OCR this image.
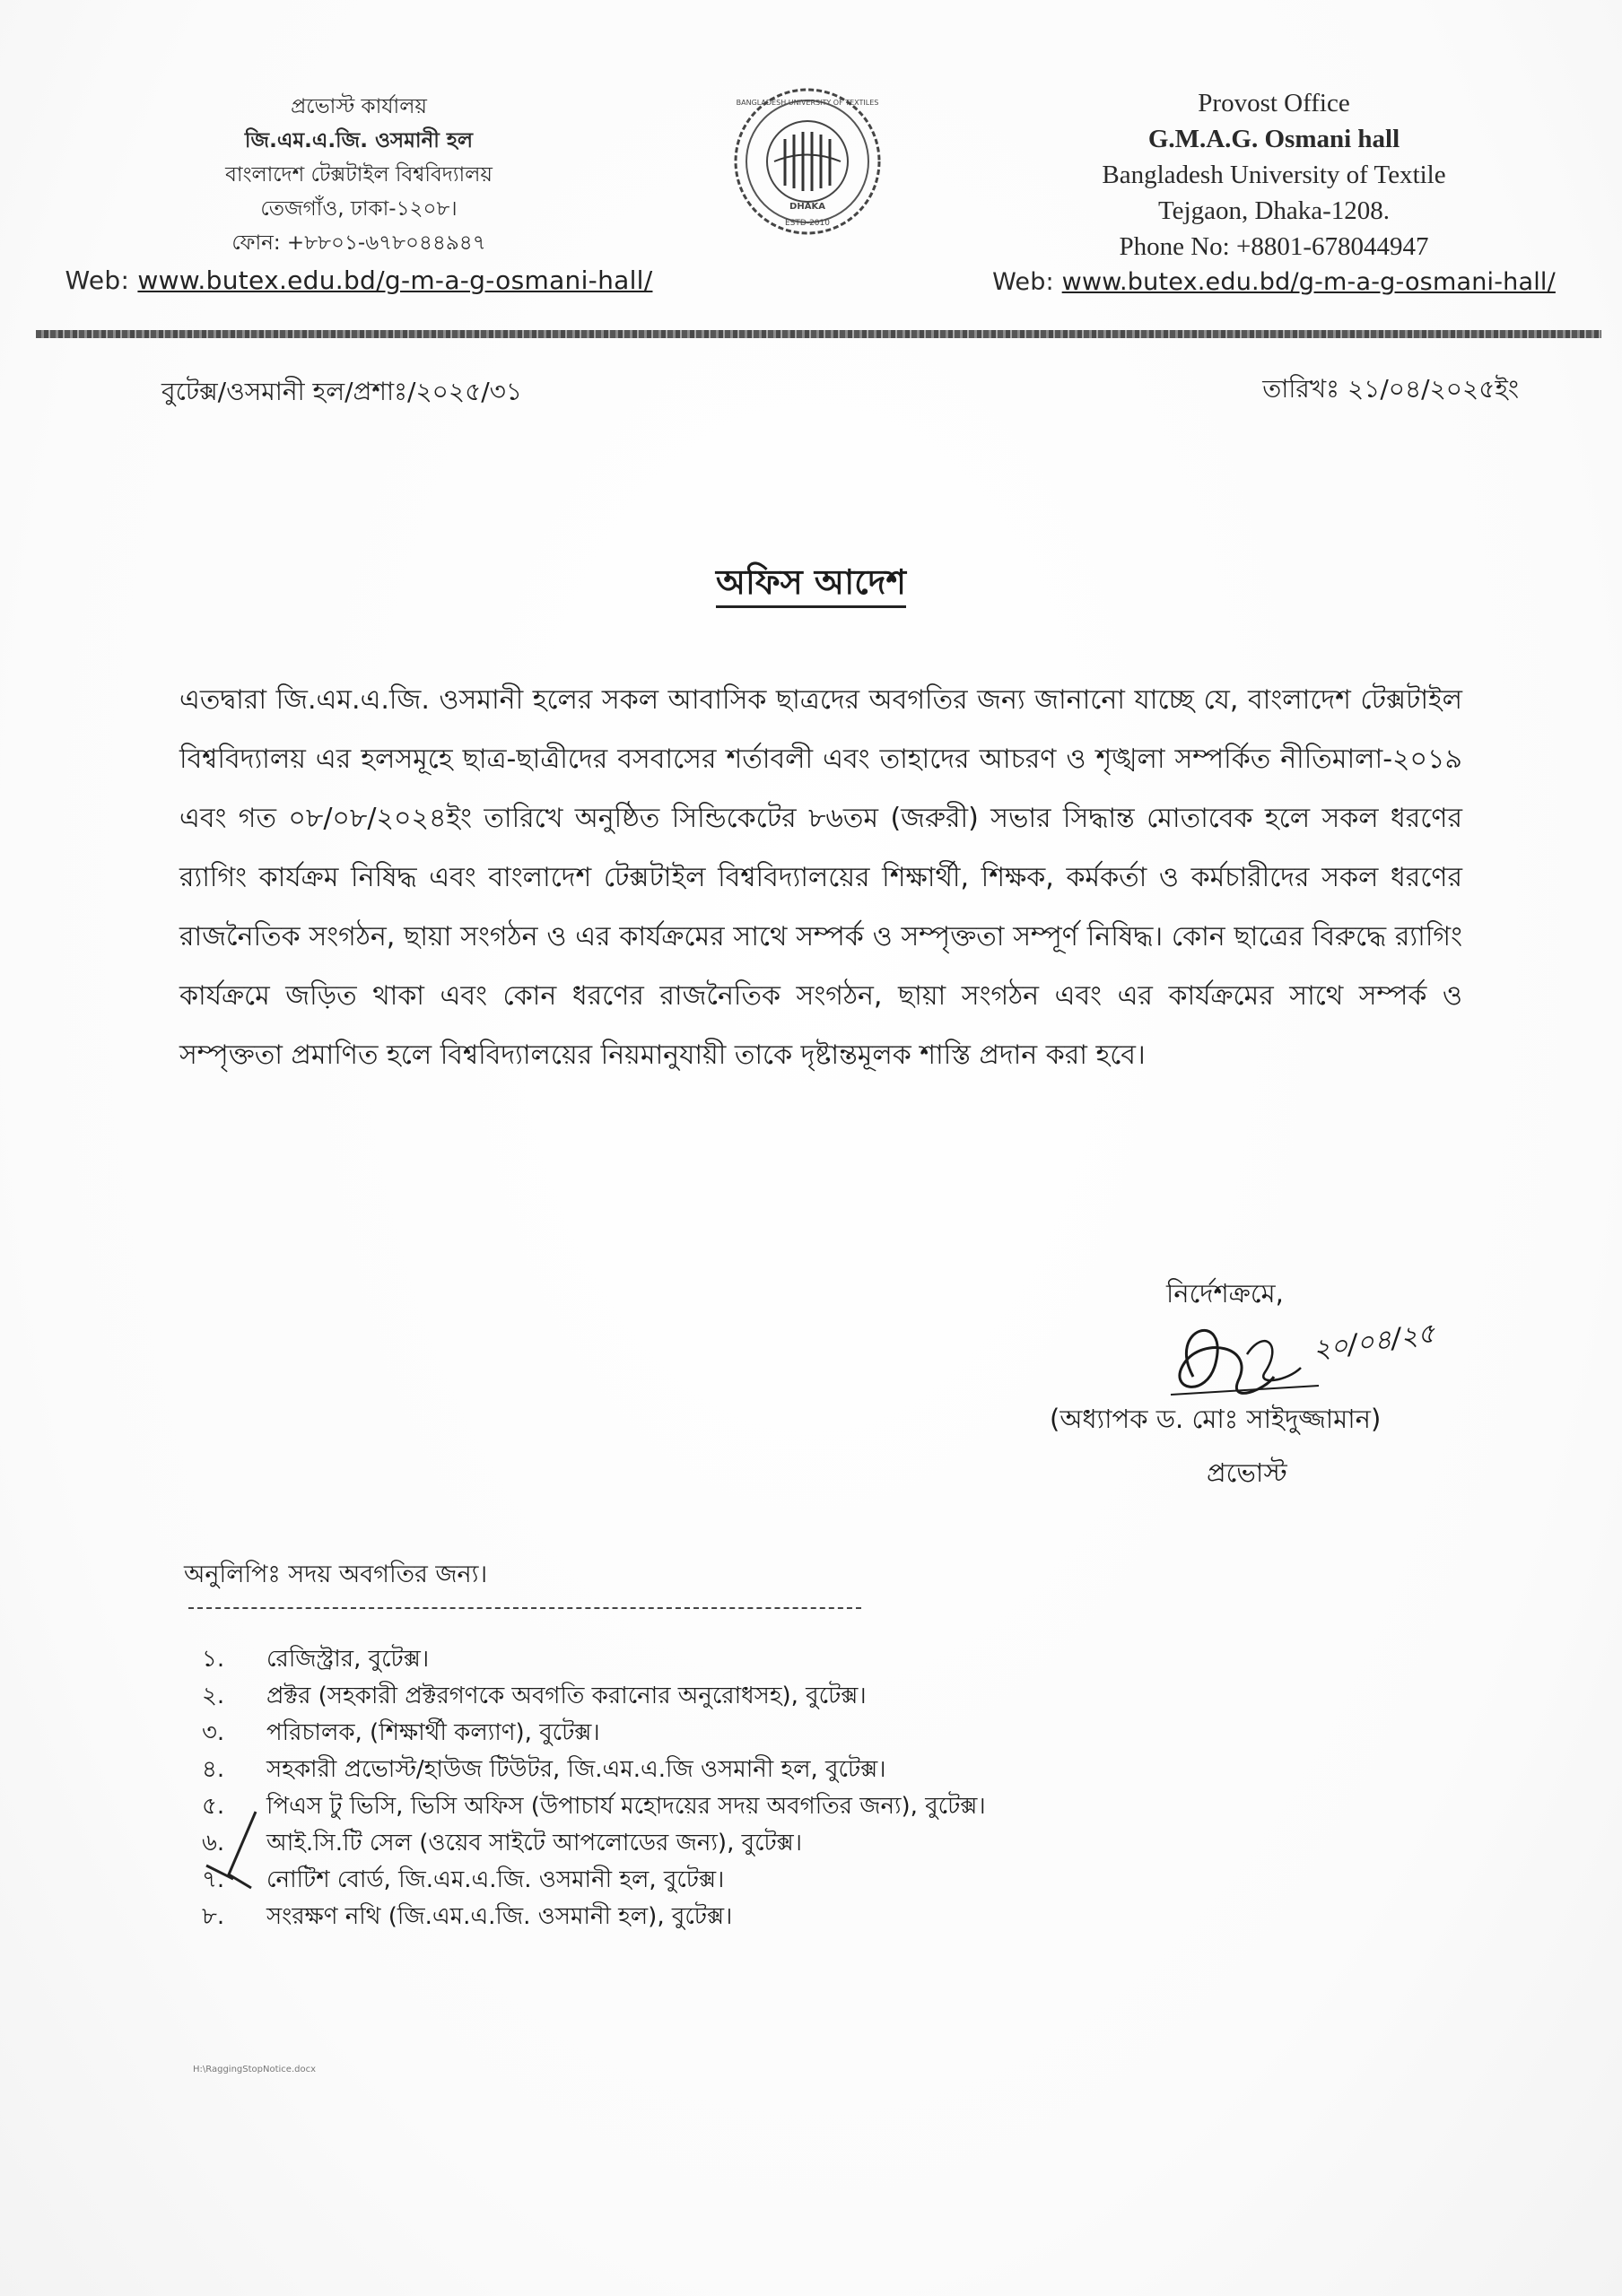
প্রভোস্ট কার্যালয়
জি.এম.এ.জি. ওসমানী হল
বাংলাদেশ টেক্সটাইল বিশ্ববিদ্যালয়
তেজগাঁও, ঢাকা-১২০৮।
ফোন: +৮৮০১-৬৭৮০৪৪৯৪৭
Web: www.butex.edu.bd/g-m-a-g-osmani-hall/
BANGLADESH UNIVERSITY OF TEXTILES
DHAKA
ESTD-2010
Provost Office
G.M.A.G. Osmani hall
Bangladesh University of Textile
Tejgaon, Dhaka-1208.
Phone No: +8801-678044947
Web: www.butex.edu.bd/g-m-a-g-osmani-hall/
বুটেক্স/ওসমানী হল/প্রশাঃ/২০২৫/৩১	তারিখঃ ২১/০৪/২০২৫ইং
অফিস আদেশ
এতদ্বারা জি.এম.এ.জি. ওসমানী হলের সকল আবাসিক ছাত্রদের অবগতির জন্য জানানো যাচ্ছে যে, বাংলাদেশ টেক্সটাইল বিশ্ববিদ্যালয় এর হলসমূহে ছাত্র-ছাত্রীদের বসবাসের শর্তাবলী এবং তাহাদের আচরণ ও শৃঙ্খলা সম্পর্কিত নীতিমালা-২০১৯ এবং গত ০৮/০৮/২০২৪ইং তারিখে অনুষ্ঠিত সিন্ডিকেটের ৮৬তম (জরুরী) সভার সিদ্ধান্ত মোতাবেক হলে সকল ধরণের র‍্যাগিং কার্যক্রম নিষিদ্ধ এবং বাংলাদেশ টেক্সটাইল বিশ্ববিদ্যালয়ের শিক্ষার্থী, শিক্ষক, কর্মকর্তা ও কর্মচারীদের সকল ধরণের রাজনৈতিক সংগঠন, ছায়া সংগঠন ও এর কার্যক্রমের সাথে সম্পর্ক ও সম্পৃক্ততা সম্পূর্ণ নিষিদ্ধ। কোন ছাত্রের বিরুদ্ধে র‍্যাগিং কার্যক্রমে জড়িত থাকা এবং কোন ধরণের রাজনৈতিক সংগঠন, ছায়া সংগঠন এবং এর কার্যক্রমের সাথে সম্পর্ক ও সম্পৃক্ততা প্রমাণিত হলে বিশ্ববিদ্যালয়ের নিয়মানুযায়ী তাকে দৃষ্টান্তমূলক শাস্তি প্রদান করা হবে।
নির্দেশক্রমে,
২০/০৪/২৫
(অধ্যাপক ড. মোঃ সাইদুজ্জামান)
প্রভোস্ট
অনুলিপিঃ সদয় অবগতির জন্য।
১.	রেজিস্ট্রার, বুটেক্স।
২.	প্রক্টর (সহকারী প্রক্টরগণকে অবগতি করানোর অনুরোধসহ), বুটেক্স।
৩.	পরিচালক, (শিক্ষার্থী কল্যাণ), বুটেক্স।
৪.	সহকারী প্রভোস্ট/হাউজ টিউটর, জি.এম.এ.জি ওসমানী হল, বুটেক্স।
৫.	পিএস টু ভিসি, ভিসি অফিস (উপাচার্য মহোদয়ের সদয় অবগতির জন্য), বুটেক্স।
৬.	আই.সি.টি সেল (ওয়েব সাইটে আপলোডের জন্য), বুটেক্স।
৭.	নোটিশ বোর্ড, জি.এম.এ.জি. ওসমানী হল, বুটেক্স।
৮.	সংরক্ষণ নথি (জি.এম.এ.জি. ওসমানী হল), বুটেক্স।
H:\RaggingStopNotice.docx
